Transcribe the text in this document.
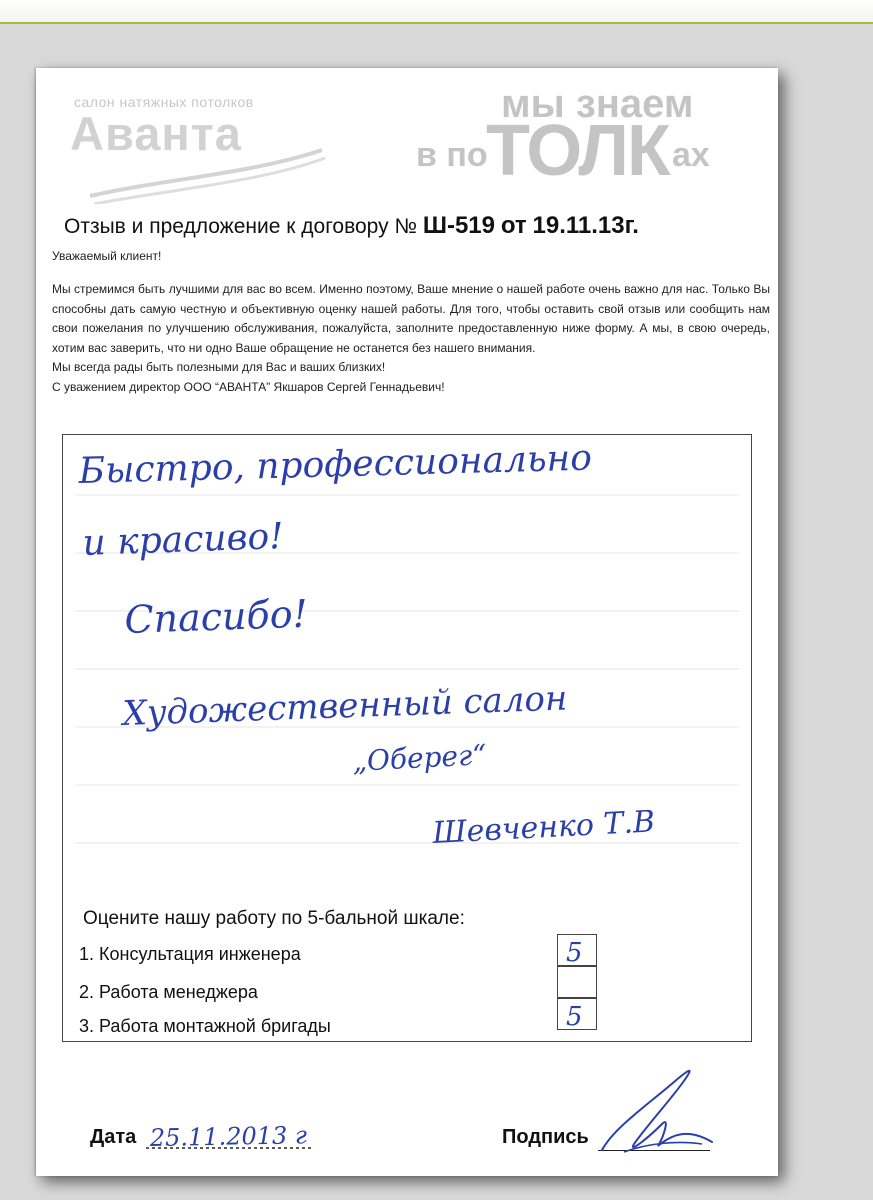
салон натяжных потолков
Аванта
мы знаем
в по
ТОЛК ах
Отзыв и предложение к договору № Ш-519 от 19.11.13г.
Уважаемый клиент!

Мы стремимся быть лучшими для вас во всем. Именно поэтому, Ваше мнение о нашей работе очень важно для нас. Только Вы способны дать самую честную и объективную оценку нашей работы. Для того, чтобы оставить свой отзыв или сообщить нам свои пожелания по улучшению обслуживания, пожалуйста, заполните предоставленную ниже форму. А мы, в свою очередь, хотим вас заверить, что ни одно Ваше обращение не останется без нашего внимания.

Мы всегда рады быть полезными для Вас и ваших близких!
С уважением директор ООО “АВАНТА” Якшаров Сергей Геннадьевич!
Быстро, профессионально
и красиво!
Спасибо!
Художественный салон
„Оберег“
Шевченко Т.В
Оцените нашу работу по 5-бальной шкале:
1. Консультация инженера
2. Работа менеджера
3. Работа монтажной бригады
5
5
Дата 25.11.2013 г	Подпись
